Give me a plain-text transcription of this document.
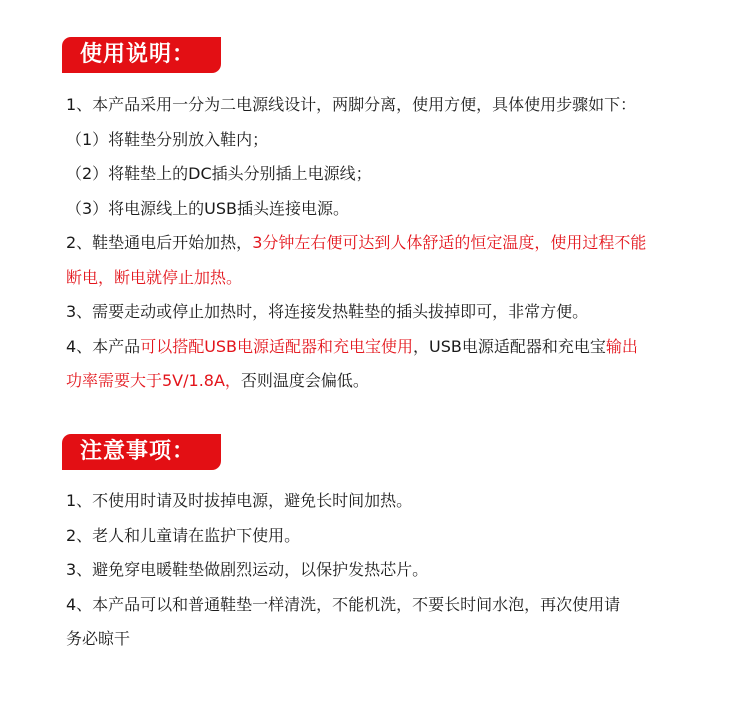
使用说明：
1、本产品采用一分为二电源线设计，两脚分离，使用方便，具体使用步骤如下：
（1）将鞋垫分别放入鞋内；
（2）将鞋垫上的DC插头分别插上电源线；
（3）将电源线上的USB插头连接电源。
2、鞋垫通电后开始加热，3分钟左右便可达到人体舒适的恒定温度，使用过程不能
断电，断电就停止加热。
3、需要走动或停止加热时，将连接发热鞋垫的插头拔掉即可，非常方便。
4、本产品可以搭配USB电源适配器和充电宝使用，USB电源适配器和充电宝输出
功率需要大于5V/1.8A，否则温度会偏低。
注意事项：
1、不使用时请及时拔掉电源，避免长时间加热。
2、老人和儿童请在监护下使用。
3、避免穿电暖鞋垫做剧烈运动，以保护发热芯片。
4、本产品可以和普通鞋垫一样清洗，不能机洗，不要长时间水泡，再次使用请
务必晾干
